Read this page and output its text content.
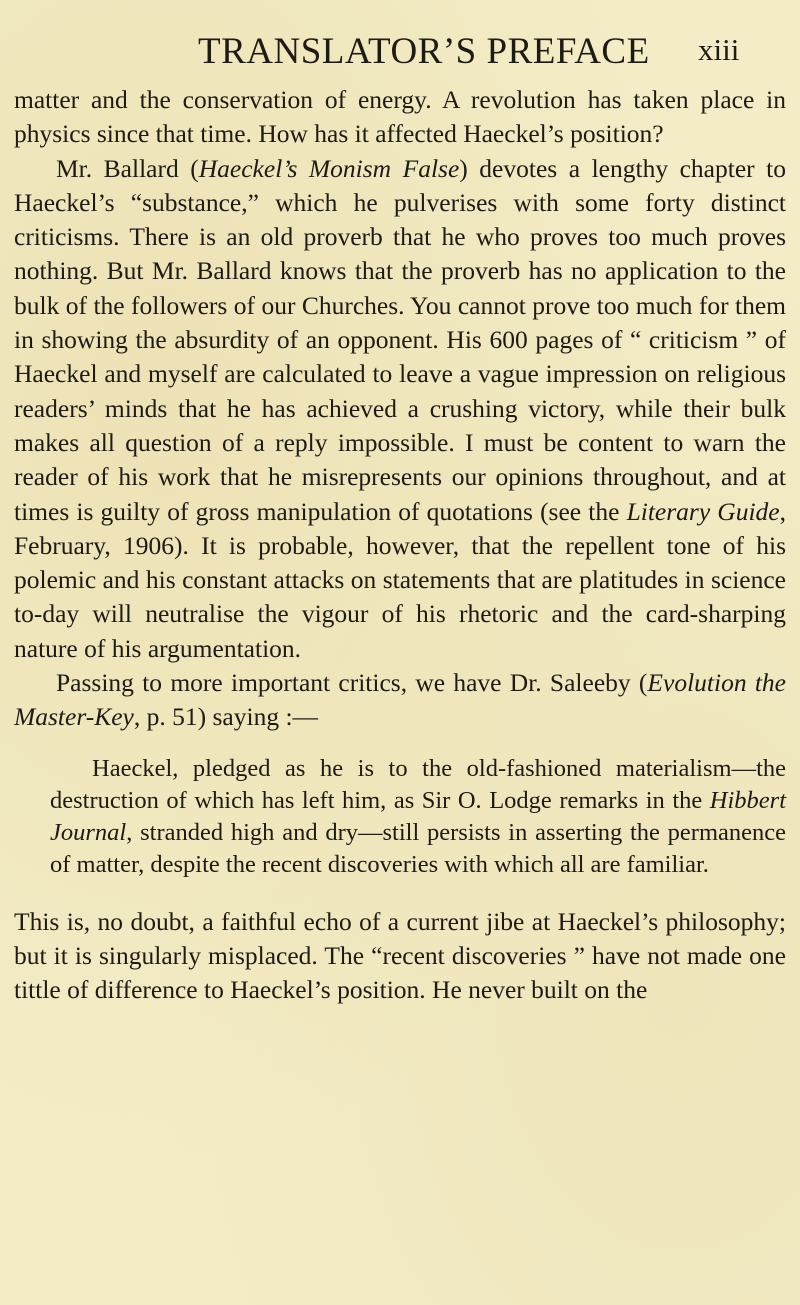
TRANSLATOR’S PREFACE xiii

matter and the conservation of energy. A revolution has taken place in physics since that time. How has it affected Haeckel’s position?

Mr. Ballard (Haeckel’s Monism False) devotes a lengthy chapter to Haeckel’s “substance,” which he pulverises with some forty distinct criticisms. There is an old proverb that he who proves too much proves nothing. But Mr. Ballard knows that the proverb has no application to the bulk of the followers of our Churches. You cannot prove too much for them in showing the absurdity of an opponent. His 600 pages of “ criticism ” of Haeckel and myself are calculated to leave a vague impression on religious readers’ minds that he has achieved a crushing victory, while their bulk makes all question of a reply impossible. I must be content to warn the reader of his work that he misrepresents our opinions throughout, and at times is guilty of gross manipulation of quotations (see the Literary Guide, February, 1906). It is probable, however, that the repellent tone of his polemic and his constant attacks on statements that are platitudes in science to-day will neutralise the vigour of his rhetoric and the card-sharping nature of his argumentation.

Passing to more important critics, we have Dr. Saleeby (Evolution the Master-Key, p. 51) saying :—

Haeckel, pledged as he is to the old-fashioned materialism—the destruction of which has left him, as Sir O. Lodge remarks in the Hibbert Journal, stranded high and dry—still persists in asserting the permanence of matter, despite the recent discoveries with which all are familiar.

This is, no doubt, a faithful echo of a current jibe at Haeckel’s philosophy; but it is singularly misplaced. The “recent discoveries ” have not made one tittle of difference to Haeckel’s position. He never built on the
